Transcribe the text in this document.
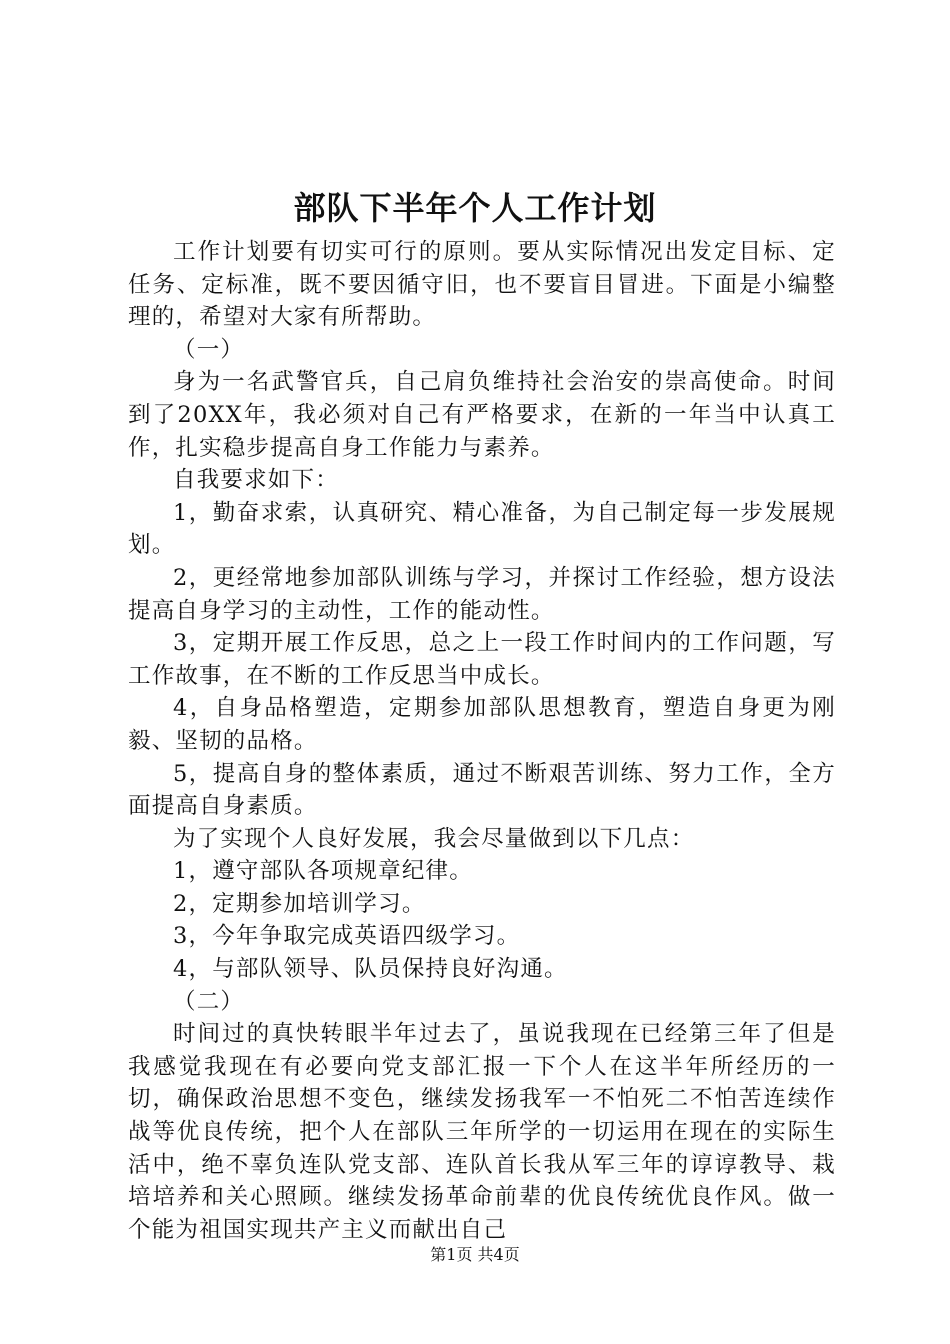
部队下半年个人工作计划

工作计划要有切实可行的原则。要从实际情况出发定目标、定任务、定标准，既不要因循守旧，也不要盲目冒进。下面是小编整理的，希望对大家有所帮助。

（一）

身为一名武警官兵，自己肩负维持社会治安的崇高使命。时间到了20XX年，我必须对自己有严格要求，在新的一年当中认真工作，扎实稳步提高自身工作能力与素养。

自我要求如下：

1，勤奋求索，认真研究、精心准备，为自己制定每一步发展规划。

2，更经常地参加部队训练与学习，并探讨工作经验，想方设法提高自身学习的主动性，工作的能动性。

3，定期开展工作反思，总之上一段工作时间内的工作问题，写工作故事，在不断的工作反思当中成长。

4，自身品格塑造，定期参加部队思想教育，塑造自身更为刚毅、坚韧的品格。

5，提高自身的整体素质，通过不断艰苦训练、努力工作，全方面提高自身素质。

为了实现个人良好发展，我会尽量做到以下几点：

1，遵守部队各项规章纪律。

2，定期参加培训学习。

3，今年争取完成英语四级学习。

4，与部队领导、队员保持良好沟通。

（二）

时间过的真快转眼半年过去了，虽说我现在已经第三年了但是我感觉我现在有必要向党支部汇报一下个人在这半年所经历的一切，确保政治思想不变色，继续发扬我军一不怕死二不怕苦连续作战等优良传统，把个人在部队三年所学的一切运用在现在的实际生活中，绝不辜负连队党支部、连队首长我从军三年的谆谆教导、栽培培养和关心照顾。继续发扬革命前辈的优良传统优良作风。做一个能为祖国实现共产主义而献出自己

第1页 共4页
